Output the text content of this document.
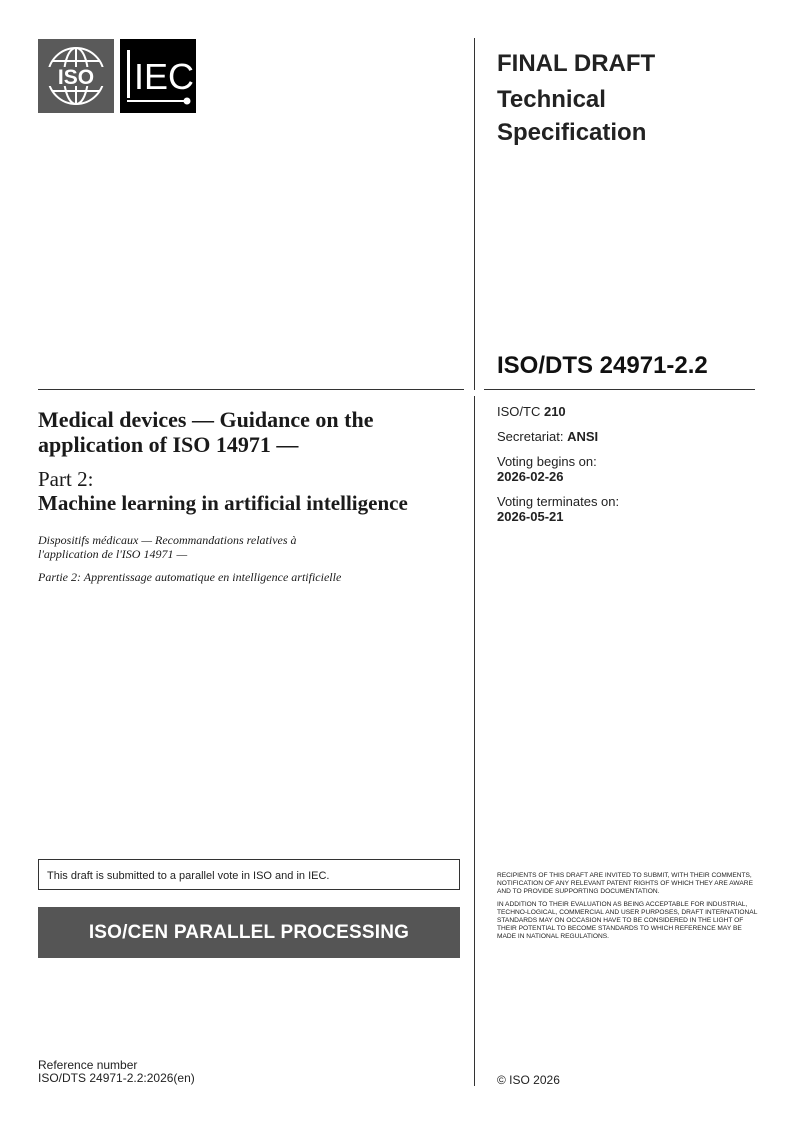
ISO IEC	FINAL DRAFT
Technical Specification
ISO/DTS 24971-2.2
ISO/TC 210
Secretariat: ANSI
Voting begins on:
2026-02-26
Voting terminates on:
2026-05-21
Medical devices — Guidance on the application of ISO 14971 —
Part 2:
Machine learning in artificial intelligence
Dispositifs médicaux — Recommandations relatives à l'application de l'ISO 14971 —
Partie 2: Apprentissage automatique en intelligence artificielle
This draft is submitted to a parallel vote in ISO and in IEC.
ISO/CEN PARALLEL PROCESSING

RECIPIENTS OF THIS DRAFT ARE INVITED TO SUBMIT, WITH THEIR COMMENTS, NOTIFICATION OF ANY RELEVANT PATENT RIGHTS OF WHICH THEY ARE AWARE AND TO PROVIDE SUPPORTING DOCUMENTATION.

IN ADDITION TO THEIR EVALUATION AS BEING ACCEPTABLE FOR INDUSTRIAL, TECHNO-LOGICAL, COMMERCIAL AND USER PURPOSES, DRAFT INTERNATIONAL STANDARDS MAY ON OCCASION HAVE TO BE CONSIDERED IN THE LIGHT OF THEIR POTENTIAL TO BECOME STANDARDS TO WHICH REFERENCE MAY BE MADE IN NATIONAL REGULATIONS.

Reference number
ISO/DTS 24971-2.2:2026(en)	© ISO 2026
